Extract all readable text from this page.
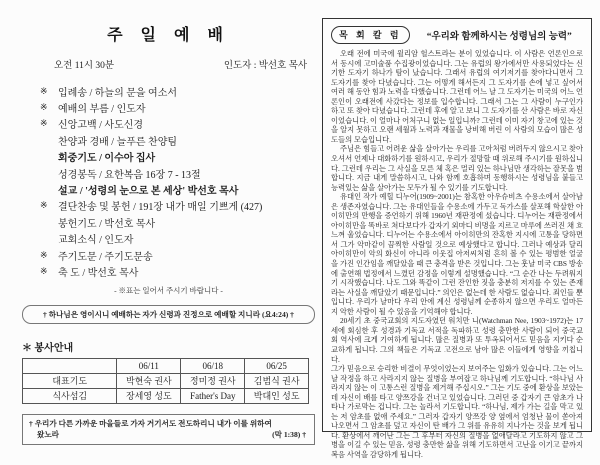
주 일 예 배
오전 11시 30분	인도자 : 박선호 목사
※	입례송 / 하늘의 문을 여소서
※	예배의 부름 / 인도자
※	신앙고백 / 사도신경
찬양과 경배 / 늘푸른 찬양팀
회중기도 / 이수아 집사
성경봉독 / 요한복음 16장 7 - 13절
설교 / '성령의 눈으로 본 세상' 박선호 목사
※	결단찬송 및 봉헌 / 191장 내가 매일 기쁘게 (427)
봉헌기도 / 박선호 목사
교회소식 / 인도자
※	주기도문 / 주기도문송
※	축 도 / 박선호 목사
- ※표는 일어서 주시기 바랍니다 -
† 하나님은 영이시니 예배하는 자가 신령과 진정으로 예배할 지니라 (요4:24) †
＊ 봉사안내
	06/11	06/18	06/25
대표기도	박현숙 권사	정미정 권사	김범식 권사
식사섬김	장세영 성도	Father's Day	박대인 성도
† 우리가 다른 가까운 마을들로 가자 거기서도 전도하리니 내가 이를 위하여
왔노라	(막 1:38) †
목 회 칼 럼	“우리와 함께하시는 성령님의 능력”

오래 전에 미국에 윌리암 헐스트라는 분이 있었습니다. 이 사람은 언론인으로서 동시에 고미술품 수집광이었습니다. 그는 유럽의 왕가에서만 사용되었다는 신기한 도자기 하나가 탐이 났습니다. 그래서 유럽의 여기저기를 찾아다니면서 그 도자기를 찾아 다녔습니다. 그는 어떻게 해서든지 그 도자기를 손에 넣고 싶어서 여러 해 동안 힘과 노력을 다했습니다. 그런데 어느 날 그 도자기는 미국의 어느 언론인이 오래전에 사갔다는 정보를 입수합니다. 그래서 그는 그 사람이 누구인가 하고 또 찾아 다녔습니다. 그런데 후에 알고 보니 그 도자기를 산 사람은 바로 자신이었습니다. 이 얼마나 어처구니 없는 일입니까? 그런데 이미 자기 창고에 있는 것을 알지 못하고 오랜 세월과 노력과 재물을 낭비해 버린 이 사람의 모습이 많은 성도들의 모습입니다.

주님은 힘들고 어려운 삶을 살아가는 우리를 고아처럼 버려두지 않으시고 찾아오셔서 언제나 대화하기를 원하시고, 우리가 절망할 때 위로해 주시기를 원하십니다. 그런데 우리는 그 사실을 모른 체 혹은 멀리 있는 하나님만 생각하는 잘못을 범합니다. 지금 내게 말씀하시고, 나와 함께 호흡하며 동행하시는 성령님을 붙들고 능력있는 삶을 살아가는 모두가 될 수 있기를 기도합니다.

유대인 작가 예힐 디누어(1909~2001)는 참혹한 아우슈비츠 수용소에서 살아남은 생존자였습니다. 그는 유대인들을 수용소에 가두고 독가스를 살포해 학살한 아이히만의 만행을 증언하기 위해 1960년 재판정에 섰습니다. 디누어는 재판정에서 아이히만을 똑바로 쳐다보다가 갑자기 외마디 비명을 지르고 마루에 쓰러진 채 흐느껴 울었습니다. 디누어는 수용소에서 아이히만의 잔혹한 지시에 고통을 당하면서 그가 악마같이 끔찍한 사람일 것으로 예상했다고 합니다. 그러나 예상과 달리 아이히만이 악의 화신이 아니라 이웃집 아저씨처럼 흔히 볼 수 있는 평범한 얼굴을 가진 인간임을 깨달았을 때 큰 충격을 받은 것입니다. 그는 훗날 미국 CBS 방송에 출연해 법정에서 느꼈던 감정을 이렇게 설명했습니다. “그 순간 나는 두려워지기 시작했습니다. 나도 그와 똑같이 그런 잔인한 짓을 충분히 저지를 수 있는 존재라는 사실을 깨달았기 때문입니다.” 의인은 없는데 한 사람도 없습니다. 죄인들 뿐입니다. 우리가 날마다 우리 안에 계신 성령님께 순종하지 않으면 우리도 얼마든지 악한 사람이 될 수 있음을 기억해야 합니다.

20세기 초 중국교회의 지도자였던 워치만 니(Watchman Nee, 1903~1972)는 17세에 회심한 후 성경과 기독교 서적을 독파하고 성령 충만한 사람이 되어 중국교회 역사에 크게 기여하게 됩니다. 많은 질병과 또 투옥되어서도 믿음을 지키다 순교하게 됩니다. 그의 책들은 기독교 고전으로 남아 많은 이들에게 영향을 끼칩니다.

그가 믿음으로 승리한 비결이 무엇이었는지 보여주는 일화가 있습니다. 그는 어느 날 작정을 하고 사라지지 않는 질병을 부여잡고 하나님께 기도합니다. “하나님 사라지지 않는 이 고통스런 질병을 제거해 주십시오.” 그는 기도 중에 환상을 보았는데 자신이 배를 타고 양쯔강을 건너고 있었습니다. 그러던 중 갑자기 큰 암초가 나타나 가로막는 겁니다. 그는 놀라서 기도합니다. “하나님, 제가 가는 길을 막고 있는 저 암초를 없애 주세요.” 그러자 갑자기 양쯔강 양 옆에서 엄청난 물이 쏟아져 나오면서 그 암초를 덮고 자신이 탄 배가 그 위를 유유히 지나가는 것을 보게 됩니다. 환상에서 깨어난 그는 그 후부터 자신의 질병을 없애달라고 기도하지 않고 그 병을 이길 수 있는 믿음, 성령 충만한 삶을 위해 기도하면서 고난을 이기고 끝까지 복음 사역을 감당하게 됩니다.
